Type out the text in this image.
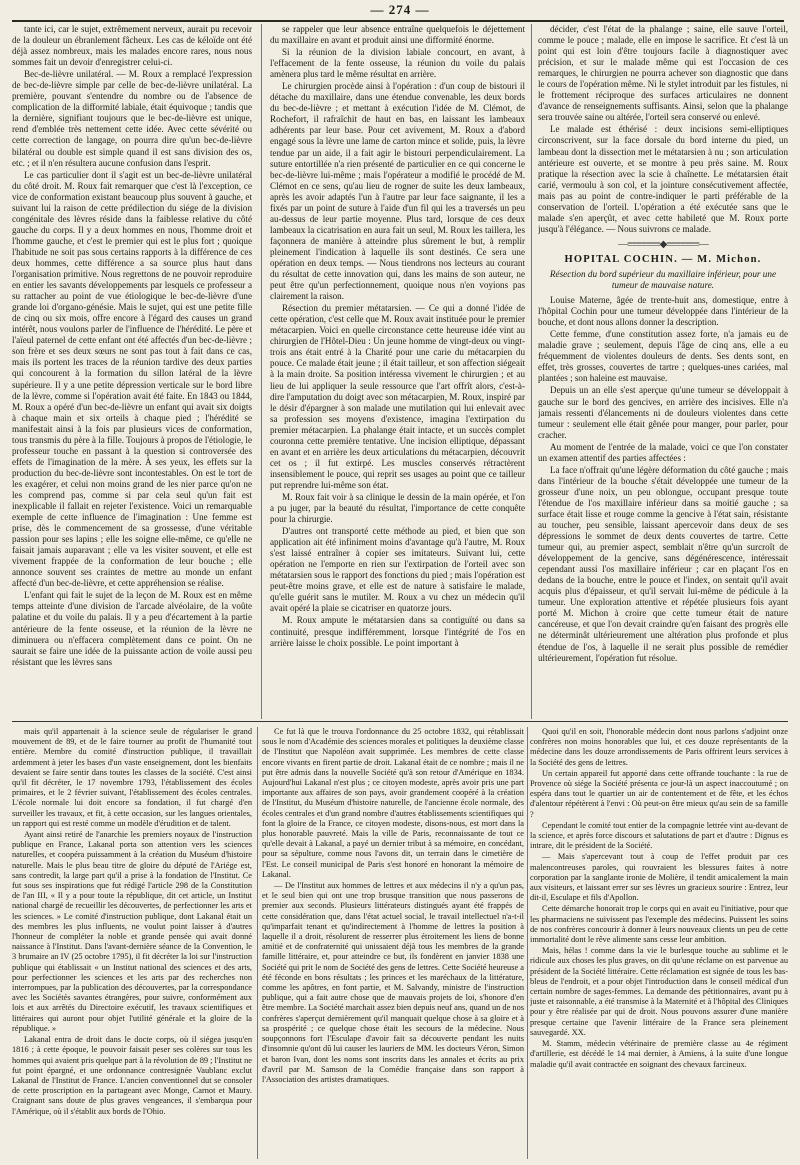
— 274 —

tante ici, car le sujet, extrêmement nerveux, aurait pu recevoir de la douleur un ébranlement fâcheux. Les cas de kéloïde ont été déjà assez nombreux, mais les malades encore rares, nous nous sommes fait un devoir d'enregistrer celui-ci.

Bec-de-lièvre unilatéral. — M. Roux a remplacé l'expression de bec-de-lièvre simple par celle de bec-de-lièvre unilatéral. La première, pouvant s'entendre du nombre ou de l'absence de complication de la difformité labiale, était équivoque ; tandis que la dernière, signifiant toujours que le bec-de-lièvre est unique, rend d'emblée très nettement cette idée. Avec cette sévérité ou cette correction de langage, on pourra dire qu'un bec-de-lièvre bilatéral ou double est simple quand il est sans division des os, etc. ; et il n'en résultera aucune confusion dans l'esprit.

Le cas particulier dont il s'agit est un bec-de-lièvre unilatéral du côté droit. M. Roux fait remarquer que c'est là l'exception, ce vice de conformation existant beaucoup plus souvent à gauche, et suivant lui la raison de cette prédilection du siége de la division congénitale des lèvres réside dans la faiblesse relative du côté gauche du corps. Il y a deux hommes en nous, l'homme droit et l'homme gauche, et c'est le premier qui est le plus fort ; quoique l'habitude ne soit pas sous certains rapports à la différence de ces deux hommes, cette différence a sa source plus haut dans l'organisation primitive. Nous regrettons de ne pouvoir reproduire en entier les savants développements par lesquels ce professeur a su rattacher au point de vue étiologique le bec-de-lièvre d'une grande loi d'organo-génésie. Mais le sujet, qui est une petite fille de cinq ou six mois, offre encore à l'égard des causes un grand intérêt, nous voulons parler de l'influence de l'hérédité. Le père et l'aïeul paternel de cette enfant ont été affectés d'un bec-de-lièvre ; son frère et ses deux sœurs ne sont pas tout à fait dans ce cas, mais ils portent les traces de la réunion tardive des deux parties qui concourent à la formation du sillon latéral de la lèvre supérieure. Il y a une petite dépression verticale sur le bord libre de la lèvre, comme si l'opération avait été faite. En 1843 ou 1844, M. Roux a opéré d'un bec-de-lièvre un enfant qui avait six doigts à chaque main et six orteils à chaque pied ; l'hérédité se manifestait ainsi à la fois par plusieurs vices de conformation, tous transmis du père à la fille. Toujours à propos de l'étiologie, le professeur touche en passant à la question si controversée des effets de l'imagination de la mère. À ses yeux, les effets sur la production du bec-de-lièvre sont incontestables. On est le tort de les exagérer, et celui non moins grand de les nier parce qu'on ne les comprend pas, comme si par cela seul qu'un fait est inexplicable il fallait en rejeter l'existence. Voici un remarquable exemple de cette influence de l'imagination : Une femme est prise, dès le commencement de sa grossesse, d'une véritable passion pour ses lapins ; elle les soigne elle-même, ce qu'elle ne faisait jamais auparavant ; elle va les visiter souvent, et elle est vivement frappée de la conformation de leur bouche ; elle annonce souvent ses craintes de mettre au monde un enfant affecté d'un bec-de-lièvre, et cette appréhension se réalise.

L'enfant qui fait le sujet de la leçon de M. Roux est en même temps atteinte d'une division de l'arcade alvéolaire, de la voûte palatine et du voile du palais. Il y a peu d'écartement à la partie antérieure de la fente osseuse, et la réunion de la lèvre ne diminuera ou n'effacera complètement dans ce point. On ne saurait se faire une idée de la puissante action de voile aussi peu résistant que les lèvres sans

se rappeler que leur absence entraîne quelquefois le déjettement du maxillaire en avant et produit ainsi une difformité énorme.

Si la réunion de la division labiale concourt, en avant, à l'effacement de la fente osseuse, la réunion du voile du palais amènera plus tard le même résultat en arrière.

Le chirurgien procède ainsi à l'opération : d'un coup de bistouri il détache du maxillaire, dans une étendue convenable, les deux bords du bec-de-lièvre ; et mettant à exécution l'idée de M. Clémot, de Rochefort, il rafraîchit de haut en bas, en laissant les lambeaux adhérents par leur base. Pour cet avivement, M. Roux a d'abord engagé sous la lèvre une lame de carton mince et solide, puis, la lèvre tendue par un aide, il a fait agir le bistouri perpendiculairement. La suture entortillée n'a rien présenté de particulier en ce qui concerne le bec-de-lièvre lui-même ; mais l'opérateur a modifié le procédé de M. Clémot en ce sens, qu'au lieu de rogner de suite les deux lambeaux, après les avoir adaptés l'un à l'autre par leur face saignante, il les a fixés par un point de suture à l'aide d'un fil qui les a traversés un peu au-dessus de leur partie moyenne. Plus tard, lorsque de ces deux lambeaux la cicatrisation en aura fait un seul, M. Roux les taillera, les façonnera de manière à atteindre plus sûrement le but, à remplir pleinement l'indication à laquelle ils sont destinés. Ce sera une opération en deux temps. — Nous tiendrons nos lecteurs au courant du résultat de cette innovation qui, dans les mains de son auteur, ne peut être qu'un perfectionnement, quoique nous n'en voyions pas clairement la raison.

Résection du premier métatarsien. — Ce qui a donné l'idée de cette opération, c'est celle que M. Roux avait instituée pour le premier métacarpien. Voici en quelle circonstance cette heureuse idée vint au chirurgien de l'Hôtel-Dieu : Un jeune homme de vingt-deux ou vingt-trois ans était entré à la Charité pour une carie du métacarpien du pouce. Ce malade était jeune ; il était tailleur, et son affection siégeait à la main droite. Sa position intéressa vivement le chirurgien ; et au lieu de lui appliquer la seule ressource que l'art offrît alors, c'est-à-dire l'amputation du doigt avec son métacarpien, M. Roux, inspiré par le désir d'épargner à son malade une mutilation qui lui enlevait avec sa profession ses moyens d'existence, imagina l'extirpation du premier métacarpien. La phalange était intacte, et un succès complet couronna cette première tentative. Une incision elliptique, dépassant en avant et en arrière les deux articulations du métacarpien, découvrit cet os ; il fut extirpé. Les muscles conservés rétractèrent insensiblement le pouce, qui reprit ses usages au point que ce tailleur put reprendre lui-même son état.

M. Roux fait voir à sa clinique le dessin de la main opérée, et l'on a pu juger, par la beauté du résultat, l'importance de cette conquête pour la chirurgie.

D'autres ont transporté cette méthode au pied, et bien que son application ait été infiniment moins d'avantage qu'à l'autre, M. Roux s'est laissé entraîner à copier ses imitateurs. Suivant lui, cette opération ne l'emporte en rien sur l'extirpation de l'orteil avec son métatarsien sous le rapport des fonctions du pied ; mais l'opération est peut-être moins grave, et elle est de nature à satisfaire le malade, qu'elle guérit sans le mutiler. M. Roux a vu chez un médecin qu'il avait opéré la plaie se cicatriser en quatorze jours.

M. Roux ampute le métatarsien dans sa contiguïté ou dans sa continuité, presque indifféremment, lorsque l'intégrité de l'os en arrière laisse le choix possible. Le point important à

décider, c'est l'état de la phalange ; saine, elle sauve l'orteil, comme le pouce ; malade, elle en impose le sacrifice. Et c'est là un point qui est loin d'être toujours facile à diagnostiquer avec précision, et sur le malade même qui est l'occasion de ces remarques, le chirurgien ne pourra achever son diagnostic que dans le cours de l'opération même. Ni le stylet introduit par les fistules, ni le frottement réciproque des surfaces articulaires ne donnent d'avance de renseignements suffisants. Ainsi, selon que la phalange sera trouvée saine ou altérée, l'orteil sera conservé ou enlevé.

Le malade est éthérisé : deux incisions semi-elliptiques circonscrivent, sur la face dorsale du bord interne du pied, un lambeau dont la dissection met le métatarsien à nu ; son articulation antérieure est ouverte, et se montre à peu près saine. M. Roux pratique la résection avec la scie à chaînette. Le métatarsien était carié, vermoulu à son col, et la jointure consécutivement affectée, mais pas au point de contre-indiquer le parti préférable de la conservation de l'orteil. L'opération a été exécutée sans que le malade s'en aperçût, et avec cette habileté que M. Roux porte jusqu'à l'élégance. — Nous suivrons ce malade.

—≡≡≡≡≡≡≡◆≡≡≡≡≡≡≡—
HOPITAL COCHIN. — M. Michon.
Résection du bord supérieur du maxillaire inférieur, pour une tumeur de mauvaise nature.

Louise Materne, âgée de trente-huit ans, domestique, entre à l'hôpital Cochin pour une tumeur développée dans l'intérieur de la bouche, et dont nous allons donner la description.

Cette femme, d'une constitution assez forte, n'a jamais eu de maladie grave ; seulement, depuis l'âge de cinq ans, elle a eu fréquemment de violentes douleurs de dents. Ses dents sont, en effet, très grosses, couvertes de tartre ; quelques-unes cariées, mal plantées ; son haleine est mauvaise.

Depuis un an elle s'est aperçue qu'une tumeur se développait à gauche sur le bord des gencives, en arrière des incisives. Elle n'a jamais ressenti d'élancements ni de douleurs violentes dans cette tumeur : seulement elle était gênée pour manger, pour parler, pour cracher.

Au moment de l'entrée de la malade, voici ce que l'on constater un examen attentif des parties affectées :

La face n'offrait qu'une légère déformation du côté gauche ; mais dans l'intérieur de la bouche s'était développée une tumeur de la grosseur d'une noix, un peu oblongue, occupant presque toute l'étendue de l'os maxillaire inférieur dans sa moitié gauche ; sa surface était lisse et rouge comme la gencive à l'état sain, résistante au toucher, peu sensible, laissant apercevoir dans deux de ses dépressions le sommet de deux dents couvertes de tartre. Cette tumeur qui, au premier aspect, semblait n'être qu'un surcroît de développement de la gencive, sans dégénérescence, intéressait cependant aussi l'os maxillaire inférieur ; car en plaçant l'os en dedans de la bouche, entre le pouce et l'index, on sentait qu'il avait acquis plus d'épaisseur, et qu'il servait lui-même de pédicule à la tumeur. Une exploration attentive et répétée plusieurs fois ayant porté M. Michon à croire que cette tumeur était de nature cancéreuse, et que l'on devait craindre qu'en faisant des progrès elle ne déterminât ultérieurement une altération plus profonde et plus étendue de l'os, à laquelle il ne serait plus possible de remédier ultérieurement, l'opération fut résolue.

mais qu'il appartenait à la science seule de régulariser le grand mouvement de 89, et de le faire tourner au profit de l'humanité tout entière. Membre du comité d'instruction publique, il travaillait ardemment à jeter les bases d'un vaste enseignement, dont les bienfaits devaient se faire sentir dans toutes les classes de la société. C'est ainsi qu'il fit décréter, le 17 novembre 1793, l'établissement des écoles primaires, et le 2 février suivant, l'établissement des écoles centrales. L'école normale lui doit encore sa fondation, il fut chargé d'en surveiller les travaux, et fit, à cette occasion, sur les langues orientales, un rapport qui est resté comme un modèle d'érudition et de talent.

Ayant ainsi retiré de l'anarchie les premiers noyaux de l'instruction publique en France, Lakanal porta son attention vers les sciences naturelles, et coopéra puissamment à la création du Muséum d'histoire naturelle. Mais le plus beau titre de gloire du député de l'Ariége est, sans contredit, la large part qu'il a prise à la fondation de l'Institut. Ce fut sous ses inspirations que fut rédigé l'article 298 de la Constitution de l'an III, « Il y a pour toute la république, dit cet article, un Institut national chargé de recueillir les découvertes, de perfectionner les arts et les sciences. » Le comité d'instruction publique, dont Lakanal était un des membres les plus influents, ne voulut point laisser à d'autres l'honneur de compléter la noble et grande pensée qui avait donné naissance à l'Institut. Dans l'avant-dernière séance de la Convention, le 3 brumaire an IV (25 octobre 1795), il fit décréter la loi sur l'instruction publique qui établissait « un Institut national des sciences et des arts, pour perfectionner les sciences et les arts par des recherches non interrompues, par la publication des découvertes, par la correspondance avec les Sociétés savantes étrangères, pour suivre, conformément aux lois et aux arrêtés du Directoire exécutif, les travaux scientifiques et littéraires qui auront pour objet l'utilité générale et la gloire de la république. »

Lakanal entra de droit dans le docte corps, où il siégea jusqu'en 1816 ; à cette époque, le pouvoir faisait peser ses colères sur tous les hommes qui avaient pris quelque part à la révolution de 89 ; l'Institut ne fut point épargné, et une ordonnance contresignée Vaublanc exclut Lakanal de l'Institut de France. L'ancien conventionnel dut se consoler de cette proscription en la partageant avec Monge, Carnot et Maury. Craignant sans doute de plus graves vengeances, il s'embarqua pour l'Amérique, où il s'établit aux bords de l'Ohio.

Ce fut là que le trouva l'ordonnance du 25 octobre 1832, qui rétablissait sous le nom d'Académie des sciences morales et politiques la deuxième classe de l'Institut que Napoléon avait supprimée. Les membres de cette classe encore vivants en firent partie de droit. Lakanal était de ce nombre ; mais il ne put être admis dans la nouvelle Société qu'à son retour d'Amérique en 1834. Aujourd'hui Lakanal n'est plus ; ce citoyen modeste, après avoir pris une part importante aux affaires de son pays, avoir grandement coopéré à la création de l'Institut, du Muséum d'histoire naturelle, de l'ancienne école normale, des écoles centrales et d'un grand nombre d'autres établissements scientifiques qui font la gloire de la France, ce citoyen modeste, disons-nous, est mort dans la plus honorable pauvreté. Mais la ville de Paris, reconnaissante de tout ce qu'elle devait à Lakanal, a payé un dernier tribut à sa mémoire, en concédant, pour sa sépulture, comme nous l'avons dit, un terrain dans le cimetière de l'Est. Le conseil municipal de Paris s'est honoré en honorant la mémoire de Lakanal.

— De l'Institut aux hommes de lettres et aux médecins il n'y a qu'un pas, et le seul bien qui ont une trop brusque transition que nous passerons de premier aux seconds. Plusieurs littérateurs distingués ayant été frappés de cette considération que, dans l'état actuel social, le travail intellectuel n'a-t-il qu'imparfait tenant et qu'indirectement à l'homme de lettres la position à laquelle il a droit, résolurent de resserrer plus étroitement les liens de bonne amitié et de confraternité qui unissaient déjà tous les membres de la grande famille littéraire, et, pour atteindre ce but, ils fondèrent en janvier 1838 une Société qui prit le nom de Société des gens de lettres. Cette Société heureuse a été féconde en bons résultats ; les princes et les maréchaux de la littérature, comme les apôtres, en font partie, et M. Salvandy, ministre de l'instruction publique, qui a fait autre chose que de mauvais projets de loi, s'honore d'en être membre. La Société marchait assez bien depuis neuf ans, quand un de nos confrères s'aperçut dernièrement qu'il manquait quelque chose à sa gloire et à sa prospérité ; ce quelque chose était les secours de la médecine. Nous soupçonnons fort l'Esculape d'avoir fait sa découverte pendant les nuits d'insomnie qu'ont dû lui causer les lauriers de MM. les docteurs Véron, Simon et baron Ivan, dont les noms sont inscrits dans les annales et écrits au prix d'avril par M. Samson de la Comédie française dans son rapport à l'Association des artistes dramatiques.

Quoi qu'il en soit, l'honorable médecin dont nous parlons s'adjoint onze confrères non moins honorables que lui, et ces douze représentants de la médecine dans les douze arrondissements de Paris offrirent leurs services à la Société des gens de lettres.

Un certain appareil fut apporté dans cette offrande touchante : la rue de Provence où siége la Société présenta ce jour-là un aspect inaccoutumé ; on espéra dans tout le quartier un air de contentement et de fête, et les échos d'alentour répétèrent à l'envi : Où peut-on être mieux qu'au sein de sa famille ?

Cependant le comité tout entier de la compagnie lettrée vint au-devant de la science, et après force discours et salutations de part et d'autre : Dignus es intrare, dit le président de la Société.

— Mais s'apercevant tout à coup de l'effet produit par ces malencontreuses paroles, qui rouvraient les blessures faites à notre corporation par la sanglante ironie de Molière, il tendit amicalement la main aux visiteurs, et laissant errer sur ses lèvres un gracieux sourire : Entrez, leur dit-il, Esculape et fils d'Apollon.

Cette démarche honorait trop le corps qui en avait eu l'initiative, pour que les pharmaciens ne suivissent pas l'exemple des médecins. Puissent les soins de nos confrères concourir à donner à leurs nouveaux clients un peu de cette immortalité dont le rêve alimente sans cesse leur ambition.

Mais, hélas ! comme dans la vie le burlesque touche au sublime et le ridicule aux choses les plus graves, on dit qu'une réclame on est parvenue au président de la Société littéraire. Cette réclamation est signée de tous les bas-bleus de l'endroit, et a pour objet l'introduction dans le conseil médical d'un certain nombre de sages-femmes. La demande des pétitionnaires, avant pu à juste et raisonnable, a été transmise à la Maternité et à l'hôpital des Cliniques pour y être réalisée par qui de droit. Nous pouvons assurer d'une manière presque certaine que l'avenir littéraire de la France sera pleinement sauvegardé. XX.

M. Stamm, médecin vétérinaire de première classe au 4e régiment d'artillerie, est décédé le 14 mai dernier, à Amiens, à la suite d'une longue maladie qu'il avait contractée en soignant des chevaux farcineux.
